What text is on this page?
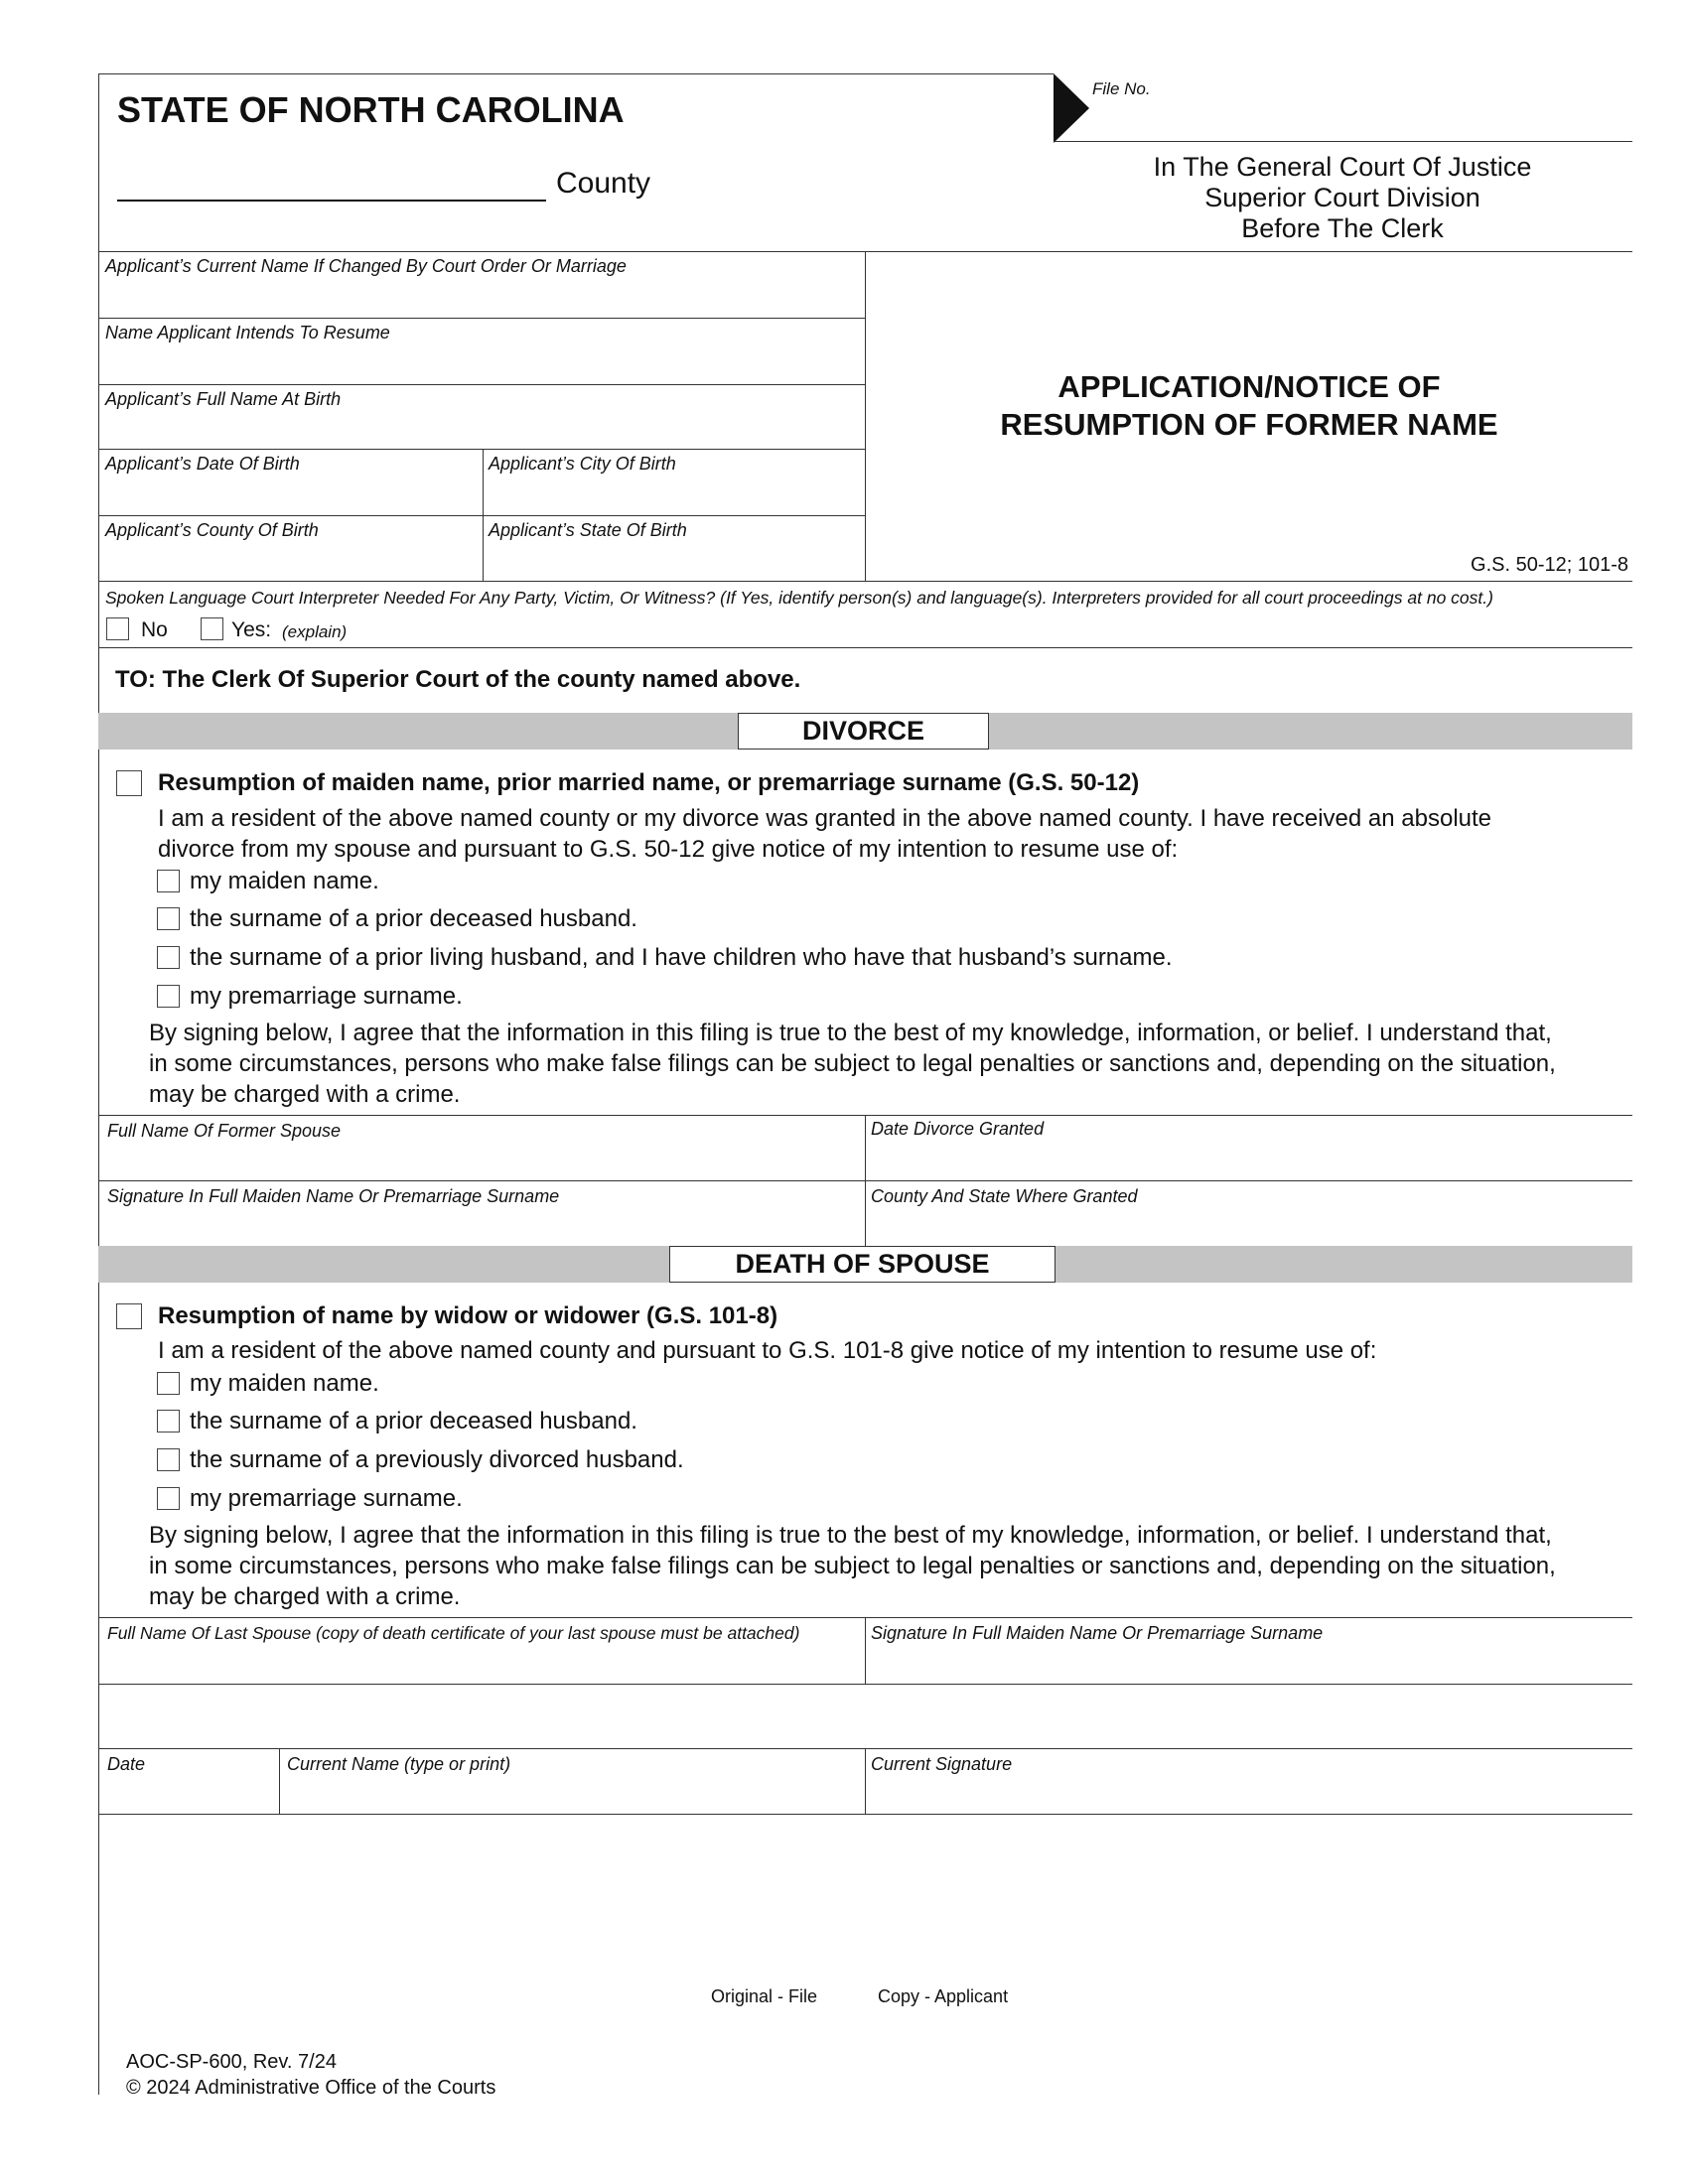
STATE OF NORTH CAROLINA
County
File No.
In The General Court Of Justice
Superior Court Division
Before The Clerk
Applicant’s Current Name If Changed By Court Order Or Marriage
Name Applicant Intends To Resume
Applicant’s Full Name At Birth
Applicant’s Date Of Birth	Applicant’s City Of Birth
Applicant’s County Of Birth	Applicant’s State Of Birth
APPLICATION/NOTICE OF
RESUMPTION OF FORMER NAME
G.S. 50-12; 101-8
Spoken Language Court Interpreter Needed For Any Party, Victim, Or Witness? (If Yes, identify person(s) and language(s). Interpreters provided for all court proceedings at no cost.)
No	Yes: (explain)
TO: The Clerk Of Superior Court of the county named above.
DIVORCE
Resumption of maiden name, prior married name, or premarriage surname (G.S. 50-12)
I am a resident of the above named county or my divorce was granted in the above named county. I have received an absolute
divorce from my spouse and pursuant to G.S. 50-12 give notice of my intention to resume use of:
my maiden name.
the surname of a prior deceased husband.
the surname of a prior living husband, and I have children who have that husband’s surname.
my premarriage surname.
By signing below, I agree that the information in this filing is true to the best of my knowledge, information, or belief. I understand that,
in some circumstances, persons who make false filings can be subject to legal penalties or sanctions and, depending on the situation,
may be charged with a crime.
Full Name Of Former Spouse	Date Divorce Granted
Signature In Full Maiden Name Or Premarriage Surname	County And State Where Granted
DEATH OF SPOUSE
Resumption of name by widow or widower (G.S. 101-8)
I am a resident of the above named county and pursuant to G.S. 101-8 give notice of my intention to resume use of:
my maiden name.
the surname of a prior deceased husband.
the surname of a previously divorced husband.
my premarriage surname.
By signing below, I agree that the information in this filing is true to the best of my knowledge, information, or belief. I understand that,
in some circumstances, persons who make false filings can be subject to legal penalties or sanctions and, depending on the situation,
may be charged with a crime.
Full Name Of Last Spouse (copy of death certificate of your last spouse must be attached)	Signature In Full Maiden Name Or Premarriage Surname
Date	Current Name (type or print)	Current Signature
Original - File	Copy - Applicant
AOC-SP-600, Rev. 7/24
© 2024 Administrative Office of the Courts
